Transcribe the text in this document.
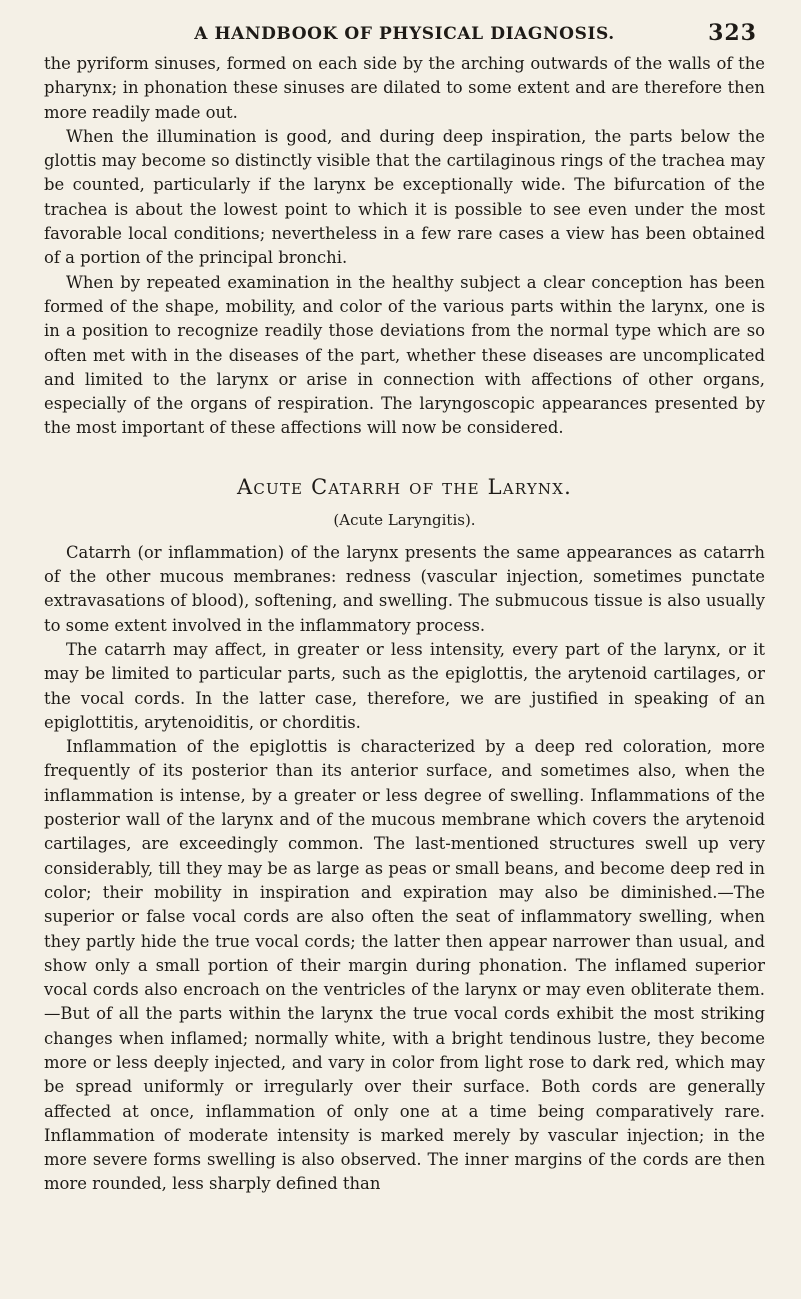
A HANDBOOK OF PHYSICAL DIAGNOSIS.	323

the pyriform sinuses, formed on each side by the arching outwards of the walls of the pharynx; in phonation these sinuses are dilated to some extent and are therefore then more readily made out.

When the illumination is good, and during deep inspiration, the parts below the glottis may become so distinctly visible that the cartilaginous rings of the trachea may be counted, particularly if the larynx be exceptionally wide. The bifurcation of the trachea is about the lowest point to which it is possible to see even under the most favorable local conditions; nevertheless in a few rare cases a view has been obtained of a portion of the principal bronchi.

When by repeated examination in the healthy subject a clear conception has been formed of the shape, mobility, and color of the various parts within the larynx, one is in a position to recognize readily those deviations from the normal type which are so often met with in the diseases of the part, whether these diseases are uncomplicated and limited to the larynx or arise in connection with affections of other organs, especially of the organs of respiration. The laryngoscopic appearances presented by the most important of these affections will now be considered.

Acute Catarrh of the Larynx.
(Acute Laryngitis).

Catarrh (or inflammation) of the larynx presents the same appearances as catarrh of the other mucous membranes: redness (vascular injection, sometimes punctate extravasations of blood), softening, and swelling. The submucous tissue is also usually to some extent involved in the inflammatory process.

The catarrh may affect, in greater or less intensity, every part of the larynx, or it may be limited to particular parts, such as the epiglottis, the arytenoid cartilages, or the vocal cords. In the latter case, therefore, we are justified in speaking of an epiglottitis, arytenoiditis, or chorditis.

Inflammation of the epiglottis is characterized by a deep red coloration, more frequently of its posterior than its anterior surface, and sometimes also, when the inflammation is intense, by a greater or less degree of swelling. Inflammations of the posterior wall of the larynx and of the mucous membrane which covers the arytenoid cartilages, are exceedingly common. The last-mentioned structures swell up very considerably, till they may be as large as peas or small beans, and become deep red in color; their mobility in inspiration and expiration may also be diminished.—The superior or false vocal cords are also often the seat of inflammatory swelling, when they partly hide the true vocal cords; the latter then appear narrower than usual, and show only a small portion of their margin during phonation. The inflamed superior vocal cords also encroach on the ventricles of the larynx or may even obliterate them.—But of all the parts within the larynx the true vocal cords exhibit the most striking changes when inflamed; normally white, with a bright tendinous lustre, they become more or less deeply injected, and vary in color from light rose to dark red, which may be spread uniformly or irregularly over their surface. Both cords are generally affected at once, inflammation of only one at a time being comparatively rare. Inflammation of moderate intensity is marked merely by vascular injection; in the more severe forms swelling is also observed. The inner margins of the cords are then more rounded, less sharply defined than
